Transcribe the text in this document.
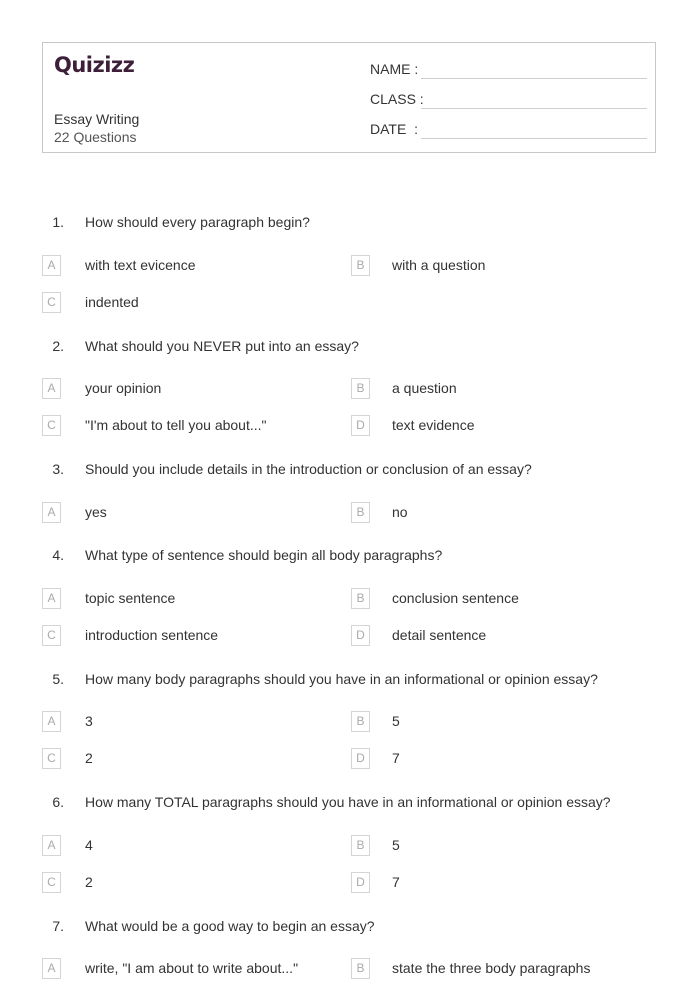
Quizizz
Essay Writing
22 Questions
NAME :
CLASS :
DATE  :
1. How should every paragraph begin?
A	with text evicence	B	with a question
C	indented
2. What should you NEVER put into an essay?
A	your opinion	B	a question
C	"I'm about to tell you about..."	D	text evidence
3. Should you include details in the introduction or conclusion of an essay?
A	yes	B	no
4. What type of sentence should begin all body paragraphs?
A	topic sentence	B	conclusion sentence
C	introduction sentence	D	detail sentence
5. How many body paragraphs should you have in an informational or opinion essay?
A	3	B	5
C	2	D	7
6. How many TOTAL paragraphs should you have in an informational or opinion essay?
A	4	B	5
C	2	D	7
7. What would be a good way to begin an essay?
A	write, "I am about to write about..."	B	state the three body paragraphs
